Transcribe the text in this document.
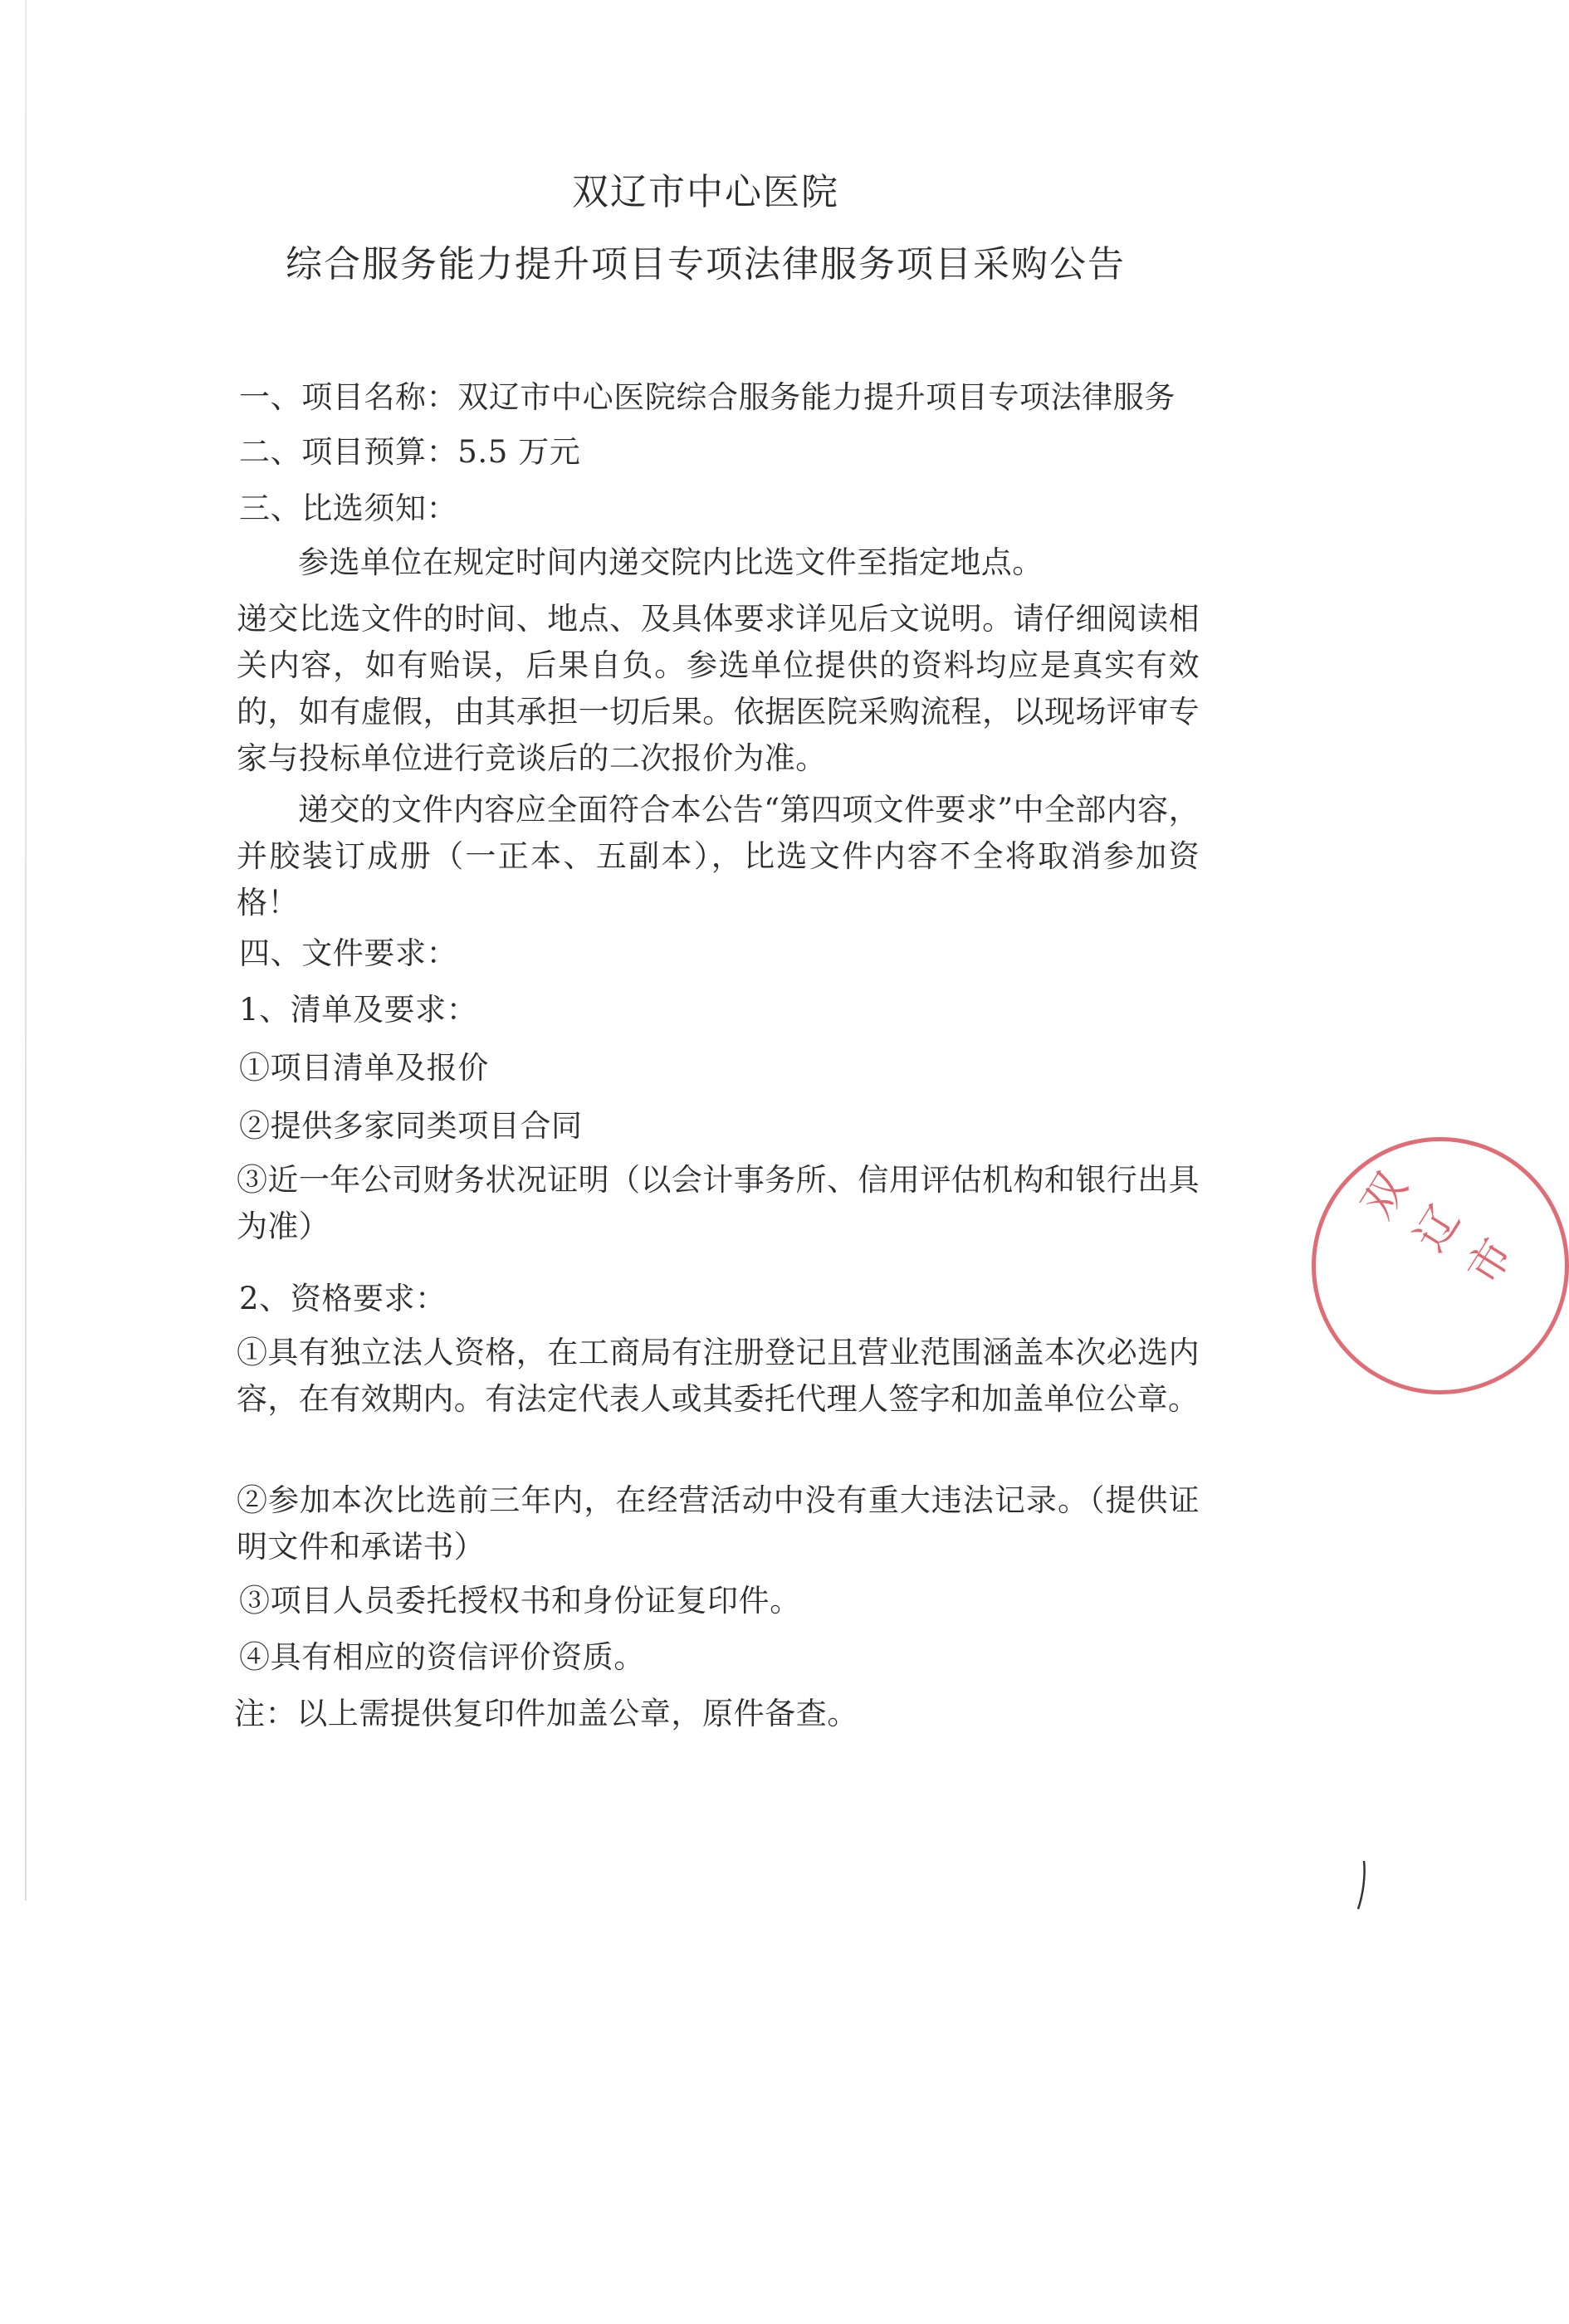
双辽市中心医院
综合服务能力提升项目专项法律服务项目采购公告
一、项目名称：双辽市中心医院综合服务能力提升项目专项法律服务
二、项目预算：5.5 万元
三、比选须知：
参选单位在规定时间内递交院内比选文件至指定地点。
递交比选文件的时间、地点、及具体要求详见后文说明。请仔细阅读相关内容，如有贻误，后果自负。参选单位提供的资料均应是真实有效的，如有虚假，由其承担一切后果。依据医院采购流程，以现场评审专家与投标单位进行竞谈后的二次报价为准。
递交的文件内容应全面符合本公告“第四项文件要求”中全部内容，并胶装订成册（一正本、五副本），比选文件内容不全将取消参加资格！
四、文件要求：
1、清单及要求：
①项目清单及报价
②提供多家同类项目合同
③近一年公司财务状况证明（以会计事务所、信用评估机构和银行出具为准）
2、资格要求：
①具有独立法人资格，在工商局有注册登记且营业范围涵盖本次必选内容，在有效期内。有法定代表人或其委托代理人签字和加盖单位公章。
②参加本次比选前三年内，在经营活动中没有重大违法记录。（提供证明文件和承诺书）
③项目人员委托授权书和身份证复印件。
④具有相应的资信评价资质。
注：以上需提供复印件加盖公章，原件备查。
双辽市
